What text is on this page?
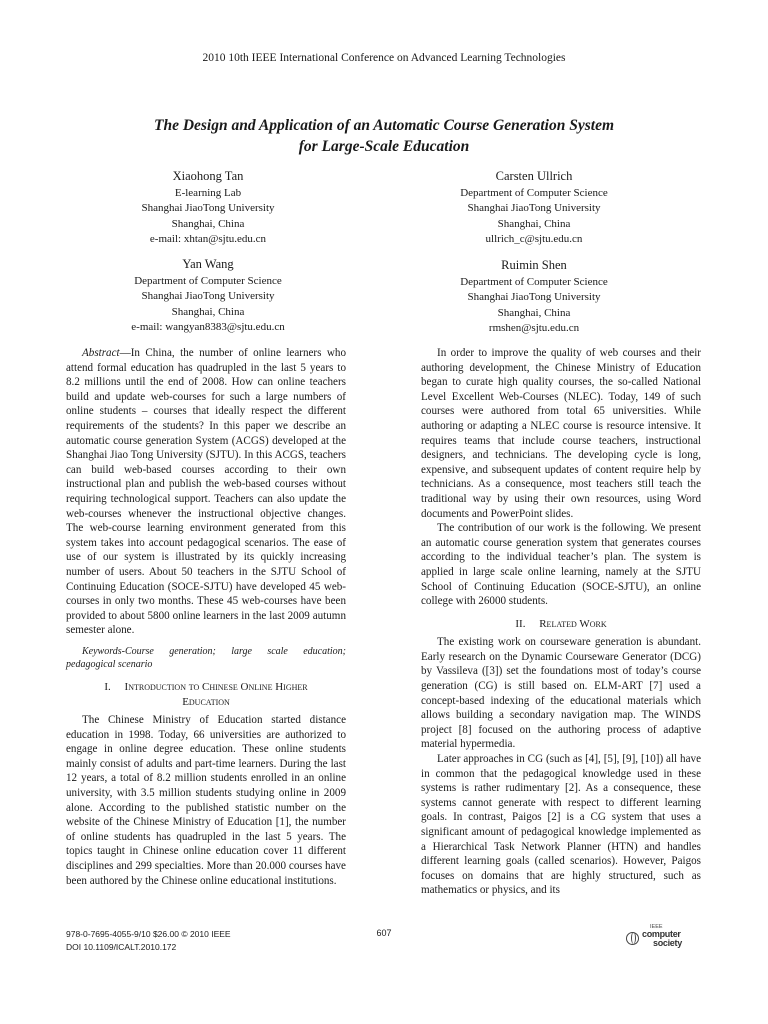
2010 10th IEEE International Conference on Advanced Learning Technologies
The Design and Application of an Automatic Course Generation System
for Large-Scale Education
Xiaohong Tan
E-learning Lab
Shanghai JiaoTong University
Shanghai, China
e-mail: xhtan@sjtu.edu.cn
Carsten Ullrich
Department of Computer Science
Shanghai JiaoTong University
Shanghai, China
ullrich_c@sjtu.edu.cn
Yan Wang
Department of Computer Science
Shanghai JiaoTong University
Shanghai, China
e-mail: wangyan8383@sjtu.edu.cn
Ruimin Shen
Department of Computer Science
Shanghai JiaoTong University
Shanghai, China
rmshen@sjtu.edu.cn

Abstract—In China, the number of online learners who attend formal education has quadrupled in the last 5 years to 8.2 millions until the end of 2008. How can online teachers build and update web-courses for such a large numbers of online students – courses that ideally respect the different requirements of the students? In this paper we describe an automatic course generation System (ACGS) developed at the Shanghai Jiao Tong University (SJTU). In this ACGS, teachers can build web-based courses according to their own instructional plan and publish the web-based courses without requiring technological support. Teachers can also update the web-courses whenever the instructional objective changes. The web-course learning environment generated from this system takes into account pedagogical scenarios. The ease of use of our system is illustrated by its quickly increasing number of users. About 50 teachers in the SJTU School of Continuing Education (SOCE-SJTU) have developed 45 web-courses in only two months. These 45 web-courses have been provided to about 5800 online learners in the last 2009 autumn semester alone.

Keywords-Course generation; large scale education; pedagogical scenario

I. Introduction to Chinese Online Higher
Education

The Chinese Ministry of Education started distance education in 1998. Today, 66 universities are authorized to engage in online degree education. These online students mainly consist of adults and part-time learners. During the last 12 years, a total of 8.2 million students enrolled in an online university, with 3.5 million students studying online in 2009 alone. According to the published statistic number on the website of the Chinese Ministry of Education [1], the number of online students has quadrupled in the last 5 years. The topics taught in Chinese online education cover 11 different disciplines and 299 specialties. More than 20.000 courses have been authored by the Chinese online educational institutions.

In order to improve the quality of web courses and their authoring development, the Chinese Ministry of Education began to curate high quality courses, the so-called National Level Excellent Web-Courses (NLEC). Today, 149 of such courses were authored from total 65 universities. While authoring or adapting a NLEC course is resource intensive. It requires teams that include course teachers, instructional designers, and technicians. The developing cycle is long, expensive, and subsequent updates of content require help by technicians. As a consequence, most teachers still teach the traditional way by using their own resources, using Word documents and PowerPoint slides.

The contribution of our work is the following. We present an automatic course generation system that generates courses according to the individual teacher’s plan. The system is applied in large scale online learning, namely at the SJTU School of Continuing Education (SOCE-SJTU), an online college with 26000 students.

II. Related Work

The existing work on courseware generation is abundant. Early research on the Dynamic Courseware Generator (DCG) by Vassileva ([3]) set the foundations most of today’s course generation (CG) is still based on. ELM-ART [7] used a concept-based indexing of the educational materials which allows building a secondary navigation map. The WINDS project [8] focused on the authoring process of adaptive material hypermedia.

Later approaches in CG (such as [4], [5], [9], [10]) all have in common that the pedagogical knowledge used in these systems is rather rudimentary [2]. As a consequence, these systems cannot generate with respect to different learning goals. In contrast, Paigos [2] is a CG system that uses a significant amount of pedagogical knowledge implemented as a Hierarchical Task Network Planner (HTN) and handles different learning goals (called scenarios). However, Paigos focuses on domains that are highly structured, such as mathematics or physics, and its

978-0-7695-4055-9/10 $26.00 © 2010 IEEE
DOI 10.1109/ICALT.2010.172
607
IEEE
computer
society
